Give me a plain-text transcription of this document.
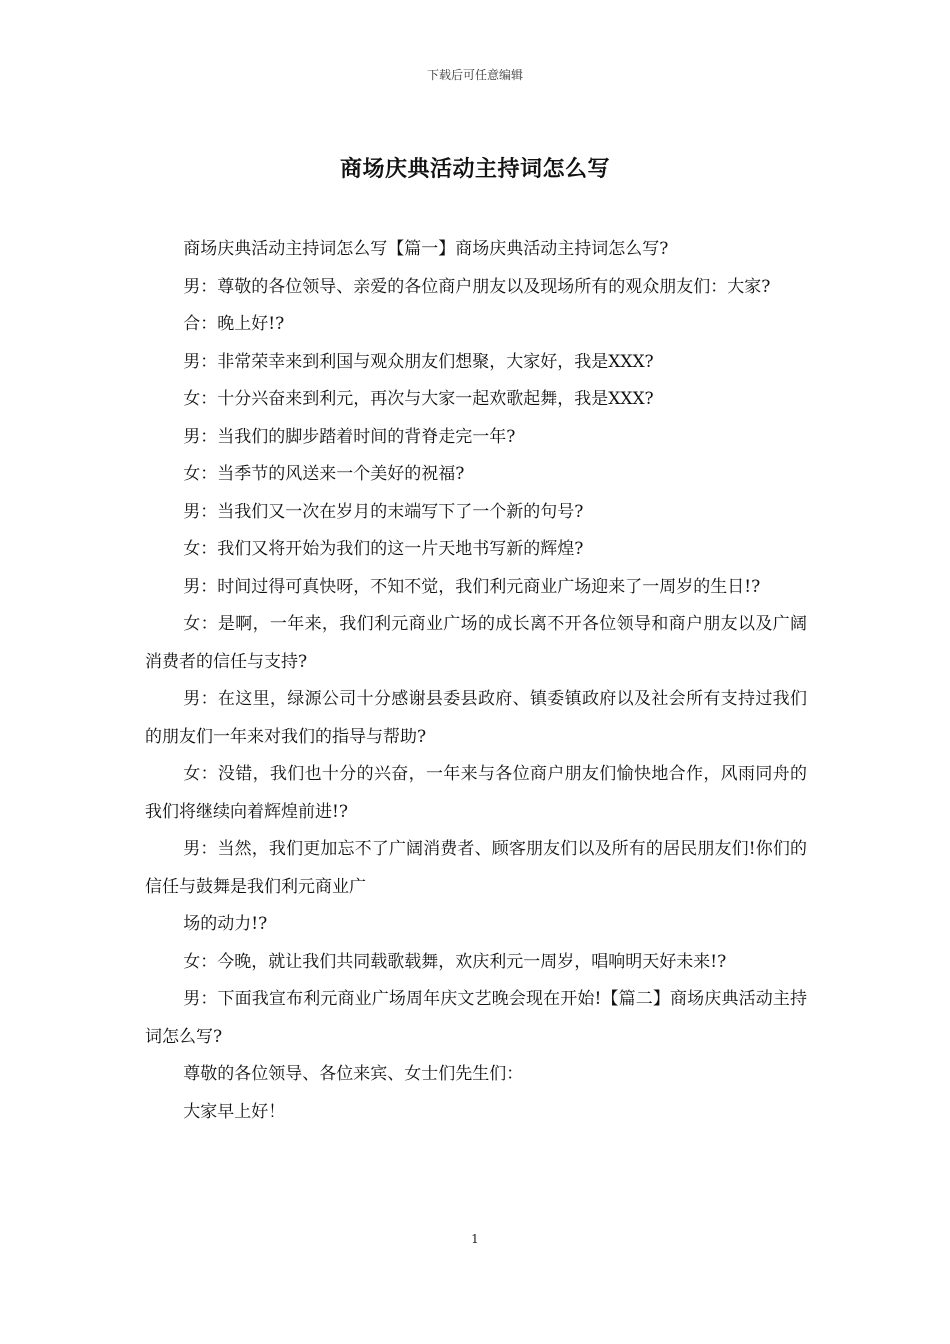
下载后可任意编辑
商场庆典活动主持词怎么写

商场庆典活动主持词怎么写【篇一】商场庆典活动主持词怎么写?

男：尊敬的各位领导、亲爱的各位商户朋友以及现场所有的观众朋友们：大家?

合：晚上好!?

男：非常荣幸来到利国与观众朋友们想聚，大家好，我是XXX?

女：十分兴奋来到利元，再次与大家一起欢歌起舞，我是XXX?

男：当我们的脚步踏着时间的背脊走完一年?

女：当季节的风送来一个美好的祝福?

男：当我们又一次在岁月的末端写下了一个新的句号?

女：我们又将开始为我们的这一片天地书写新的辉煌?

男：时间过得可真快呀，不知不觉，我们利元商业广场迎来了一周岁的生日!?

女：是啊，一年来，我们利元商业广场的成长离不开各位领导和商户朋友以及广阔消费者的信任与支持?

男：在这里，绿源公司十分感谢县委县政府、镇委镇政府以及社会所有支持过我们的朋友们一年来对我们的指导与帮助?

女：没错，我们也十分的兴奋，一年来与各位商户朋友们愉快地合作，风雨同舟的我们将继续向着辉煌前进!?

男：当然，我们更加忘不了广阔消费者、顾客朋友们以及所有的居民朋友们!你们的信任与鼓舞是我们利元商业广

场的动力!?

女：今晚，就让我们共同载歌载舞，欢庆利元一周岁，唱响明天好未来!?

男：下面我宣布利元商业广场周年庆文艺晚会现在开始!【篇二】商场庆典活动主持词怎么写?

尊敬的各位领导、各位来宾、女士们先生们：

大家早上好！

1
